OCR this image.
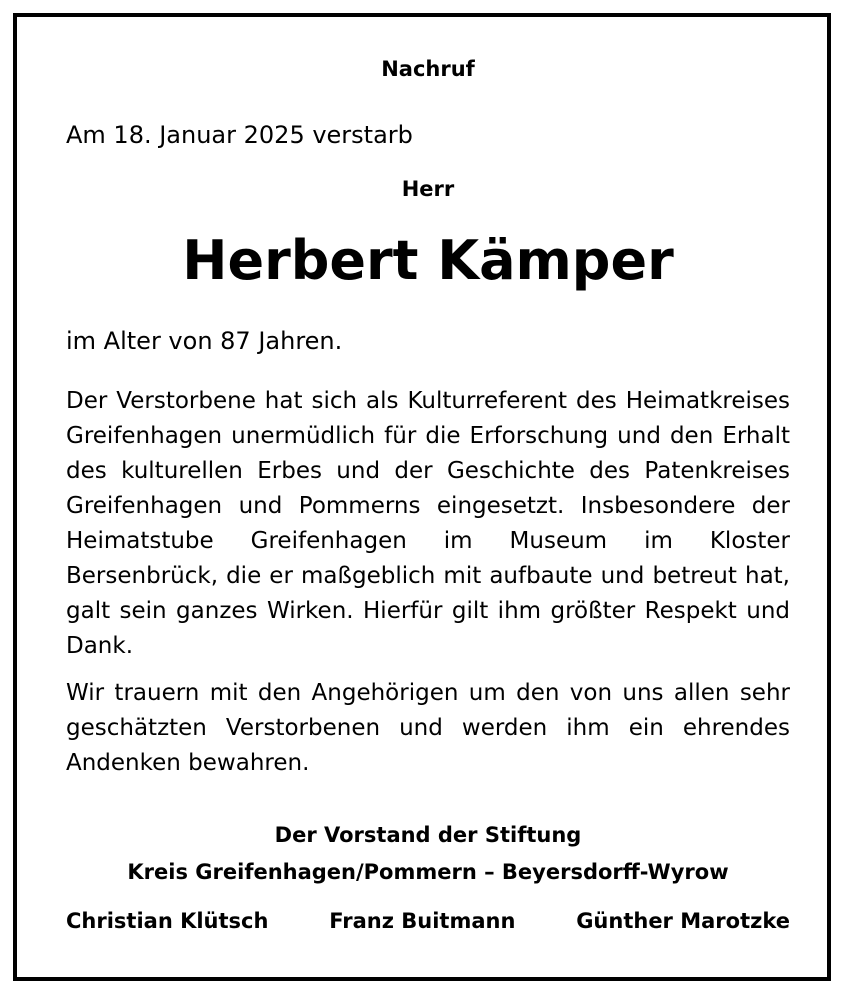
Nachruf
Am 18. Januar 2025 verstarb
Herr
Herbert Kämper
im Alter von 87 Jahren.
Der Verstorbene hat sich als Kulturreferent des Heimatkreises Greifenhagen unermüdlich für die Erforschung und den Erhalt des kulturellen Erbes und der Geschichte des Patenkreises Greifenhagen und Pommerns eingesetzt. Insbesondere der Heimatstube Greifenhagen im Museum im Kloster Bersenbrück, die er maßgeblich mit aufbaute und betreut hat, galt sein ganzes Wirken. Hierfür gilt ihm größter Respekt und Dank.
Wir trauern mit den Angehörigen um den von uns allen sehr geschätzten Verstorbenen und werden ihm ein ehrendes Andenken bewahren.
Der Vorstand der Stiftung
Kreis Greifenhagen/Pommern – Beyersdorff-Wyrow
Christian Klütsch	Franz Buitmann	Günther Marotzke
